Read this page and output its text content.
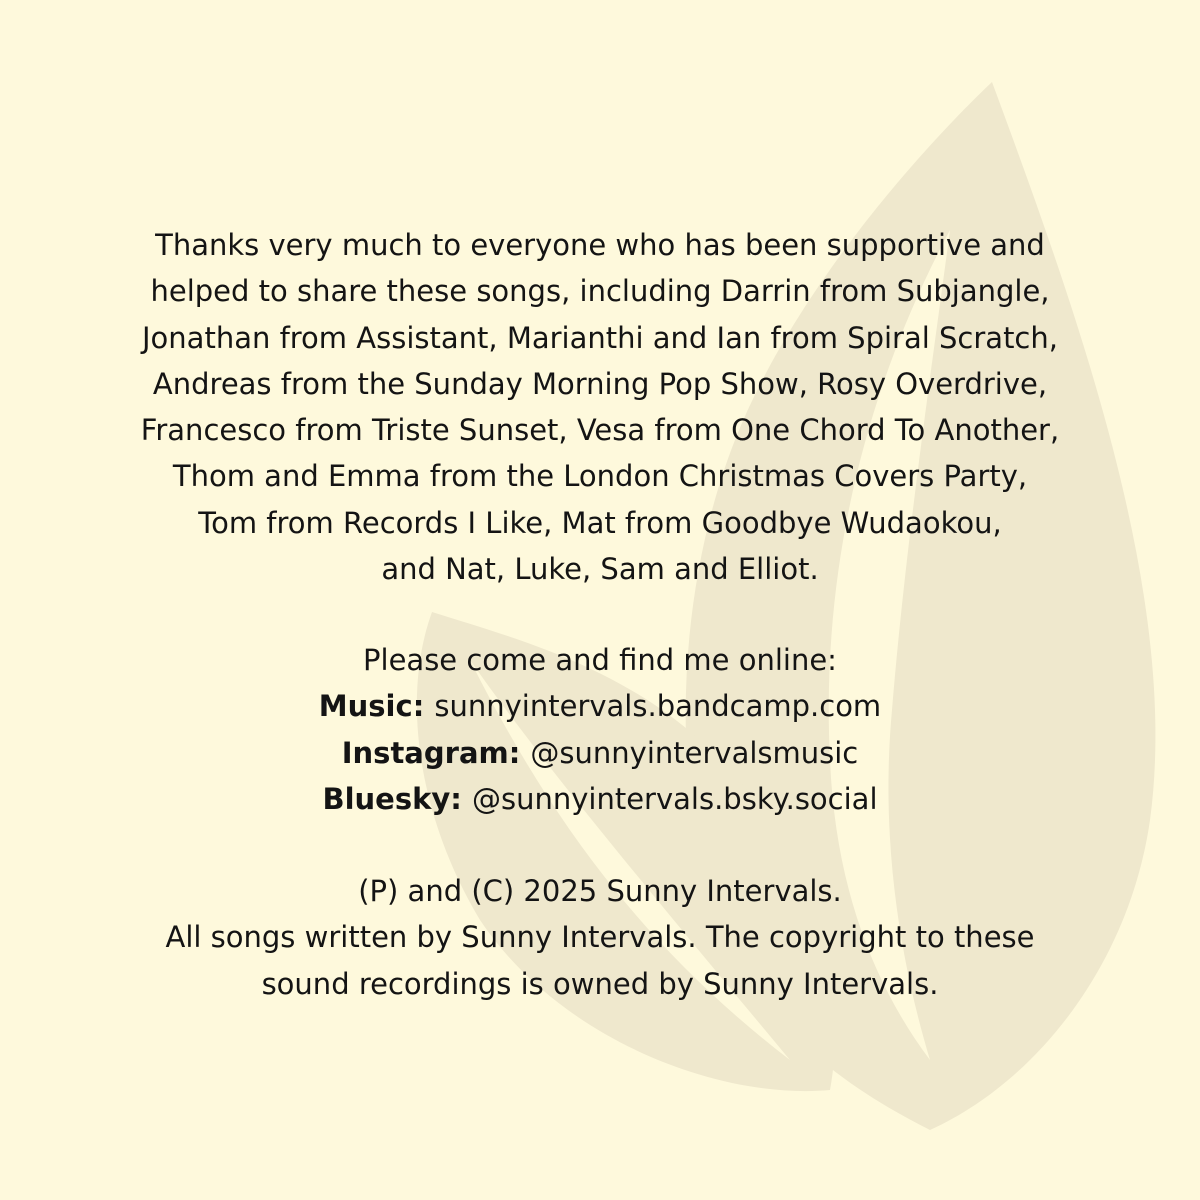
Thanks very much to everyone who has been supportive and
helped to share these songs, including Darrin from Subjangle,
Jonathan from Assistant, Marianthi and Ian from Spiral Scratch,
Andreas from the Sunday Morning Pop Show, Rosy Overdrive,
Francesco from Triste Sunset, Vesa from One Chord To Another,
Thom and Emma from the London Christmas Covers Party,
Tom from Records I Like, Mat from Goodbye Wudaokou,
and Nat, Luke, Sam and Elliot.
Please come and find me online:
Music: sunnyintervals.bandcamp.com
Instagram: @sunnyintervalsmusic
Bluesky: @sunnyintervals.bsky.social
(P) and (C) 2025 Sunny Intervals.
All songs written by Sunny Intervals. The copyright to these
sound recordings is owned by Sunny Intervals.
